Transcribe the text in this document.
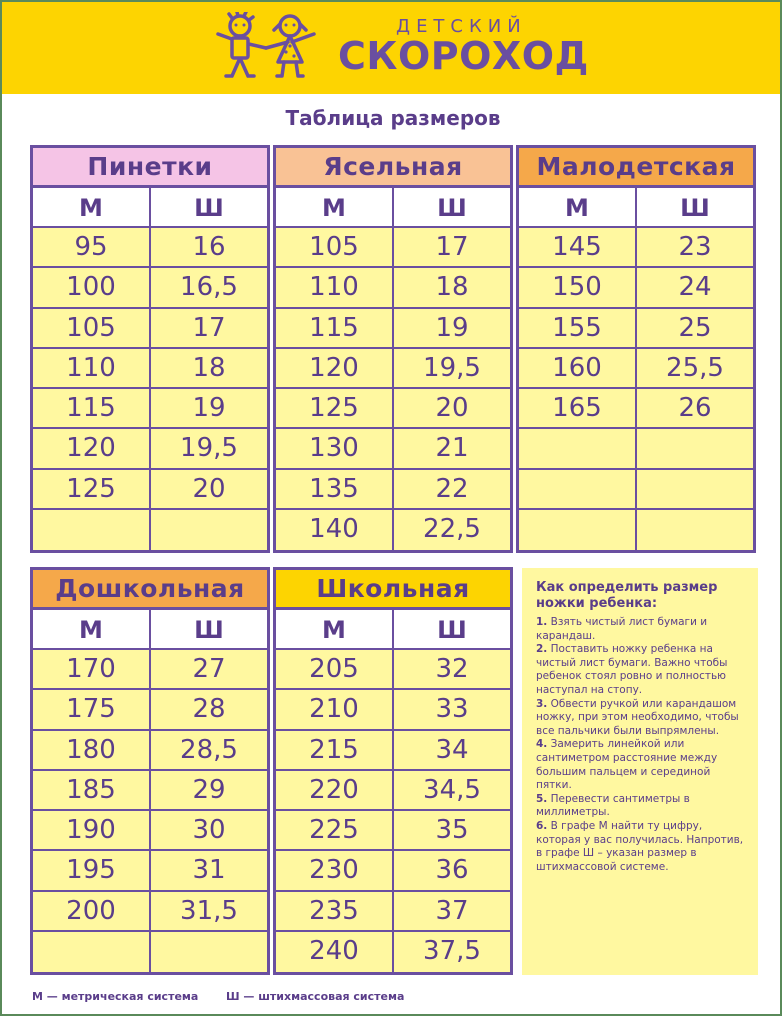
ДЕТСКИЙ
СКОРОХОД
Таблица размеров
Пинетки
М	Ш
95	16
100	16,5
105	17
110	18
115	19
120	19,5
125	20
Ясельная
М	Ш
105	17
110	18
115	19
120	19,5
125	20
130	21
135	22
140	22,5
Малодетская
М	Ш
145	23
150	24
155	25
160	25,5
165	26
Дошкольная
М	Ш
170	27
175	28
180	28,5
185	29
190	30
195	31
200	31,5
Школьная
М	Ш
205	32
210	33
215	34
220	34,5
225	35
230	36
235	37
240	37,5
Как определить размер ножки ребенка:

1. Взять чистый лист бумаги и карандаш.

2. Поставить ножку ребенка на чистый лист бумаги. Важно чтобы ребенок стоял ровно и полностью наступал на стопу.

3. Обвести ручкой или карандашом ножку, при этом необходимо, чтобы все пальчики были выпрямлены.

4. Замерить линейкой или сантиметром расстояние между большим пальцем и серединой пятки.

5. Перевести сантиметры в миллиметры.

6. В графе М найти ту цифру, которая у вас получилась. Напротив, в графе Ш – указан размер в штихмассовой системе.

М — метрическая система	Ш — штихмассовая система
